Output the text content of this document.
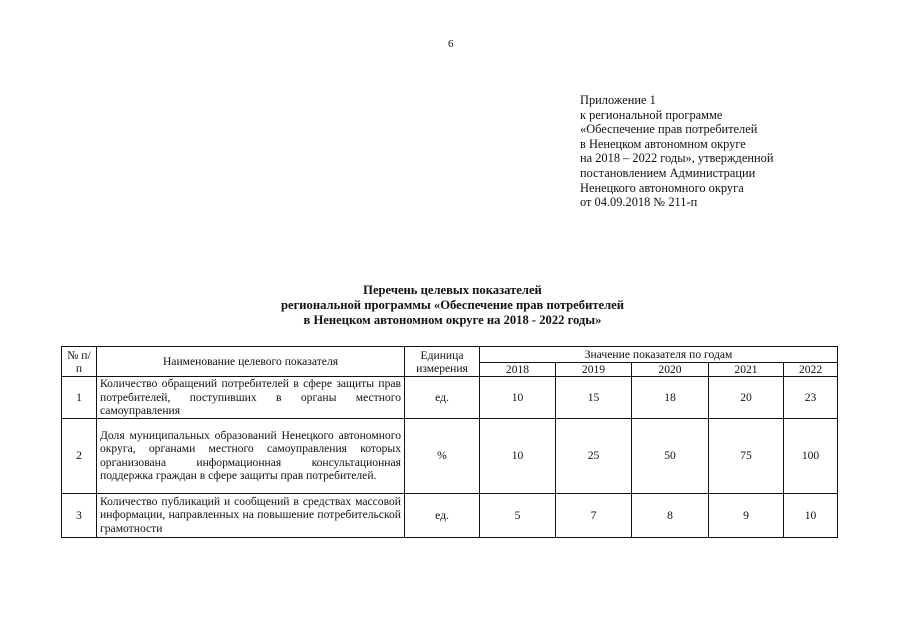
6
Приложение 1
к региональной программе
«Обеспечение прав потребителей
в Ненецком автономном округе
на 2018 – 2022 годы», утвержденной
постановлением Администрации
Ненецкого автономного округа
от 04.09.2018 № 211-п
Перечень целевых показателей
региональной программы «Обеспечение прав потребителей
в Ненецком автономном округе на 2018 - 2022 годы»
№ п/п	Наименование целевого показателя	Единица измерения	Значение показателя по годам				
			2018	2019	2020	2021	2022
1	Количество обращений потребителей в сфере защиты прав потребителей, поступивших в органы местного самоуправления	ед.	10	15	18	20	23
2	Доля муниципальных образований Ненецкого автономного округа, органами местного самоуправления которых организована информационная консультационная поддержка граждан в сфере защиты прав потребителей.	%	10	25	50	75	100
3	Количество публикаций и сообщений в средствах массовой информации, направленных на повышение потребительской грамотности	ед.	5	7	8	9	10
